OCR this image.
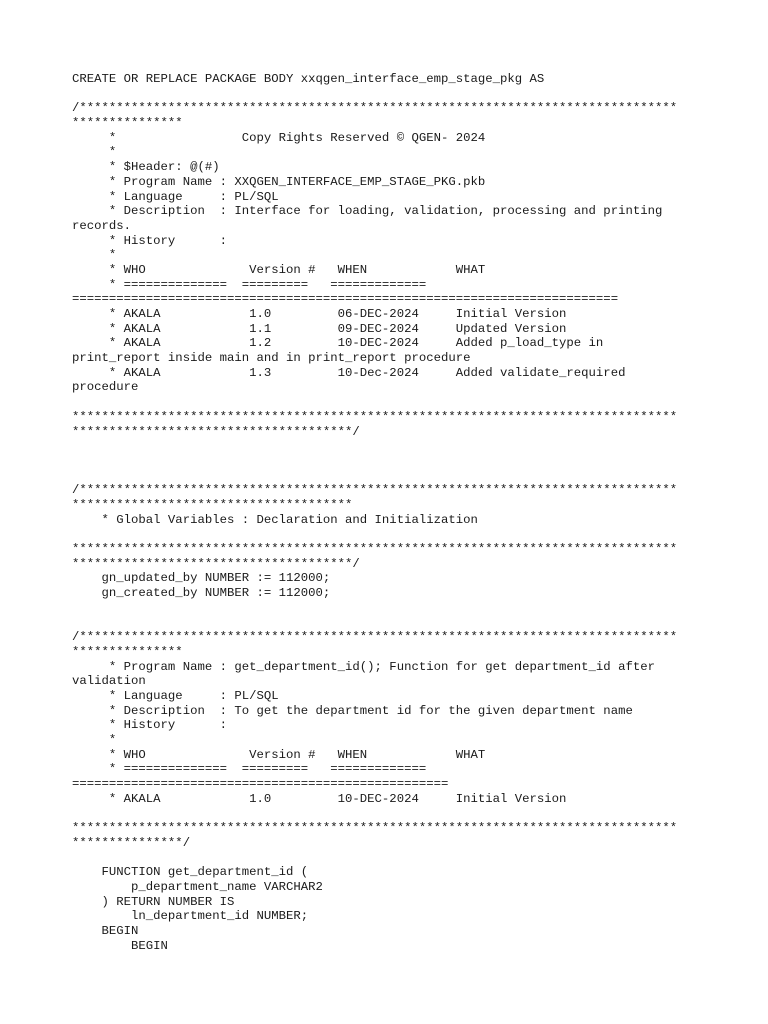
CREATE OR REPLACE PACKAGE BODY xxqgen_interface_emp_stage_pkg AS
/*********************************************************************************
***************
*                 Copy Rights Reserved © QGEN- 2024
*
* $Header: @(#)
* Program Name : XXQGEN_INTERFACE_EMP_STAGE_PKG.pkb
* Language     : PL/SQL
* Description  : Interface for loading, validation, processing and printing
records.
* History      :
*
* WHO              Version #   WHEN            WHAT
* ==============  =========   =============
==========================================================================
* AKALA            1.0         06-DEC-2024     Initial Version
* AKALA            1.1         09-DEC-2024     Updated Version
* AKALA            1.2         10-DEC-2024     Added p_load_type in
print_report inside main and in print_report procedure
* AKALA            1.3         10-Dec-2024     Added validate_required
procedure
**********************************************************************************
**************************************/
/*********************************************************************************
**************************************
* Global Variables : Declaration and Initialization
**********************************************************************************
**************************************/
gn_updated_by NUMBER := 112000;
gn_created_by NUMBER := 112000;
/*********************************************************************************
***************
* Program Name : get_department_id(); Function for get department_id after
validation
* Language     : PL/SQL
* Description  : To get the department id for the given department name
* History      :
*
* WHO              Version #   WHEN            WHAT
* ==============  =========   =============
===================================================
* AKALA            1.0         10-DEC-2024     Initial Version
**********************************************************************************
***************/
FUNCTION get_department_id (
p_department_name VARCHAR2
) RETURN NUMBER IS
ln_department_id NUMBER;
BEGIN
BEGIN
